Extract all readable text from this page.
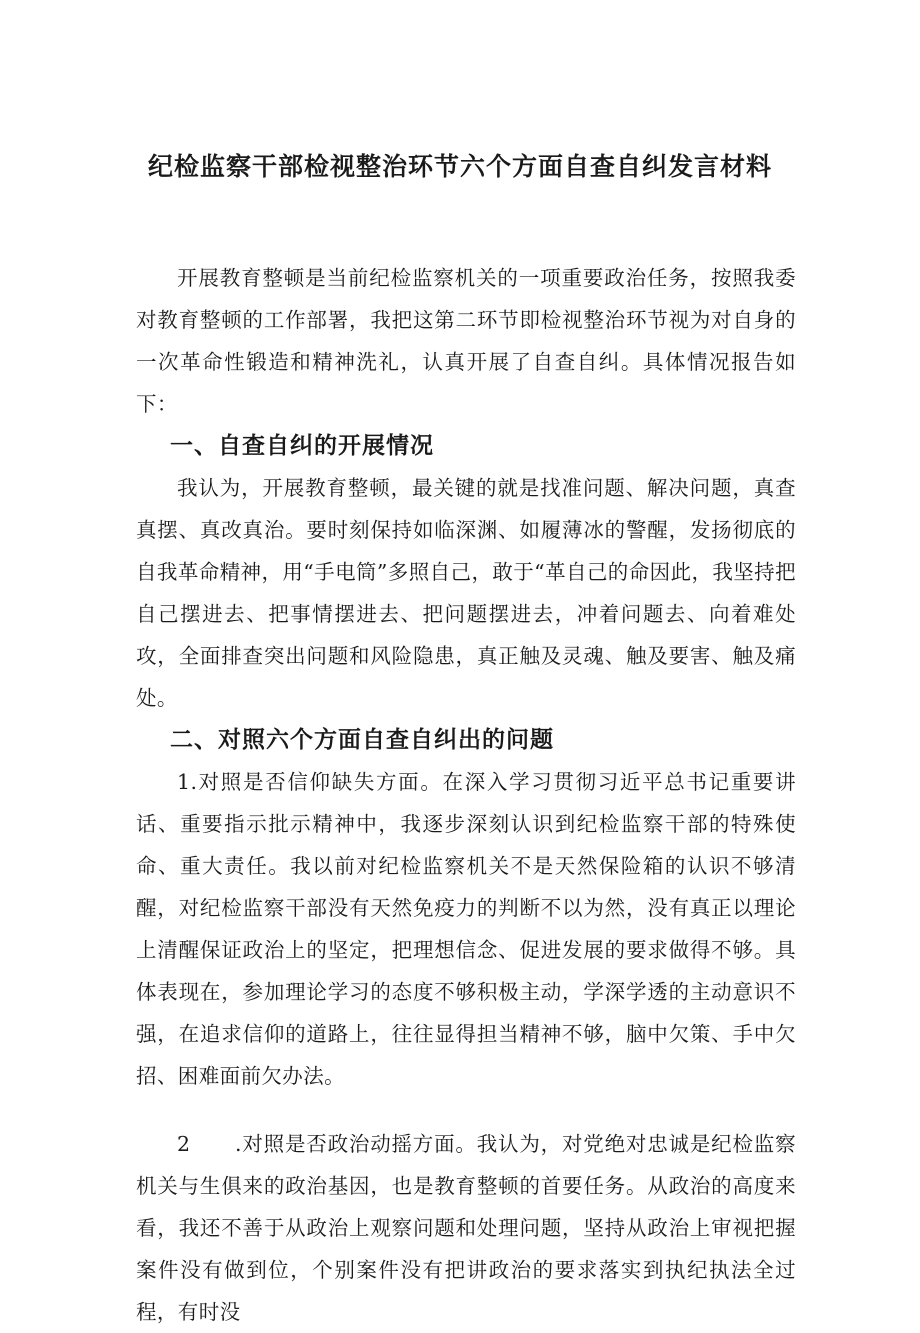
纪检监察干部检视整治环节六个方面自查自纠发言材料

开展教育整顿是当前纪检监察机关的一项重要政治任务，按照我委对教育整顿的工作部署，我把这第二环节即检视整治环节视为对自身的一次革命性锻造和精神洗礼，认真开展了自查自纠。具体情况报告如下：

一、自查自纠的开展情况

我认为，开展教育整顿，最关键的就是找准问题、解决问题，真查真摆、真改真治。要时刻保持如临深渊、如履薄冰的警醒，发扬彻底的自我革命精神，用“手电筒”多照自己，敢于“革自己的命因此，我坚持把自己摆进去、把事情摆进去、把问题摆进去，冲着问题去、向着难处攻，全面排查突出问题和风险隐患，真正触及灵魂、触及要害、触及痛处。

二、对照六个方面自查自纠出的问题

1.对照是否信仰缺失方面。在深入学习贯彻习近平总书记重要讲话、重要指示批示精神中，我逐步深刻认识到纪检监察干部的特殊使命、重大责任。我以前对纪检监察机关不是天然保险箱的认识不够清醒，对纪检监察干部没有天然免疫力的判断不以为然，没有真正以理论上清醒保证政治上的坚定，把理想信念、促进发展的要求做得不够。具体表现在，参加理论学习的态度不够积极主动，学深学透的主动意识不强，在追求信仰的道路上，往往显得担当精神不够，脑中欠策、手中欠招、困难面前欠办法。

2 .对照是否政治动摇方面。我认为，对党绝对忠诚是纪检监察机关与生俱来的政治基因，也是教育整顿的首要任务。从政治的高度来看，我还不善于从政治上观察问题和处理问题，坚持从政治上审视把握案件没有做到位，个别案件没有把讲政治的要求落实到执纪执法全过程，有时没
